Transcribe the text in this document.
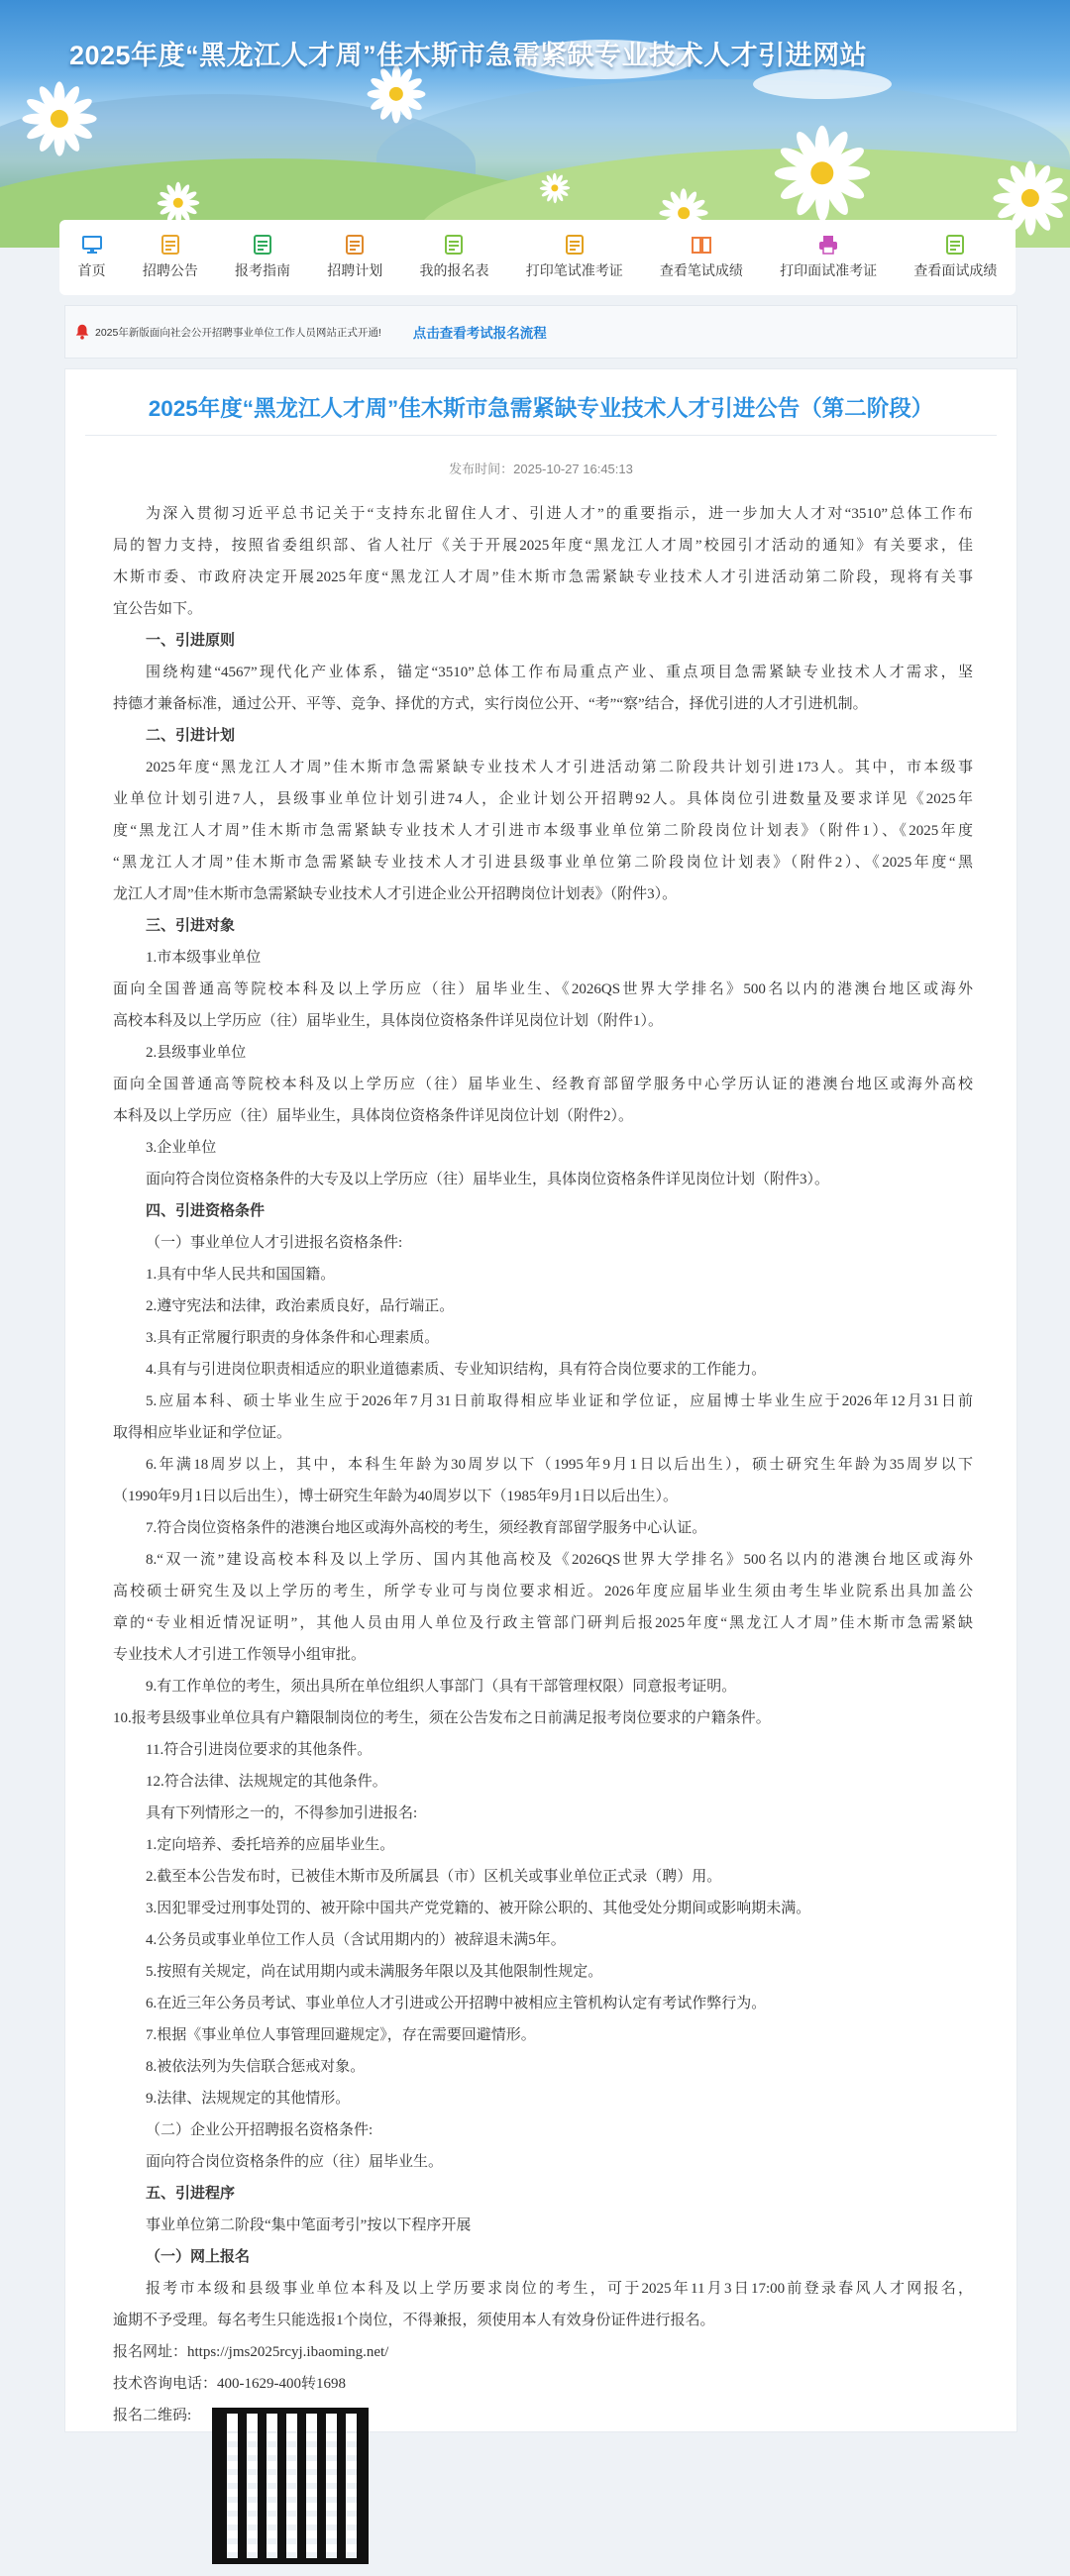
2025年度“黑龙江人才周”佳木斯市急需紧缺专业技术人才引进网站
首页	招聘公告	报考指南	招聘计划	我的报名表	打印笔试准考证	查看笔试成绩	打印面试准考证	查看面试成绩
2025年新版面向社会公开招聘事业单位工作人员网站正式开通! 点击查看考试报名流程
2025年度“黑龙江人才周”佳木斯市急需紧缺专业技术人才引进公告（第二阶段）
发布时间：2025-10-27 16:45:13
为深入贯彻习近平总书记关于“支持东北留住人才、引进人才”的重要指示，进一步加大人才对“3510”总体工作布
局的智力支持，按照省委组织部、省人社厅《关于开展2025年度“黑龙江人才周”校园引才活动的通知》有关要求，佳
木斯市委、市政府决定开展2025年度“黑龙江人才周”佳木斯市急需紧缺专业技术人才引进活动第二阶段，现将有关事
宜公告如下。
一、引进原则
围绕构建“4567”现代化产业体系，锚定“3510”总体工作布局重点产业、重点项目急需紧缺专业技术人才需求，坚
持德才兼备标准，通过公开、平等、竞争、择优的方式，实行岗位公开、“考”“察”结合，择优引进的人才引进机制。
二、引进计划
2025年度“黑龙江人才周”佳木斯市急需紧缺专业技术人才引进活动第二阶段共计划引进173人。其中，市本级事
业单位计划引进7人，县级事业单位计划引进74人，企业计划公开招聘92人。具体岗位引进数量及要求详见《2025年
度“黑龙江人才周”佳木斯市急需紧缺专业技术人才引进市本级事业单位第二阶段岗位计划表》（附件1）、《2025年度
“黑龙江人才周”佳木斯市急需紧缺专业技术人才引进县级事业单位第二阶段岗位计划表》（附件2）、《2025年度“黑
龙江人才周”佳木斯市急需紧缺专业技术人才引进企业公开招聘岗位计划表》（附件3）。
三、引进对象
1.市本级事业单位
面向全国普通高等院校本科及以上学历应（往）届毕业生、《2026QS世界大学排名》500名以内的港澳台地区或海外
高校本科及以上学历应（往）届毕业生，具体岗位资格条件详见岗位计划（附件1）。
2.县级事业单位
面向全国普通高等院校本科及以上学历应（往）届毕业生、经教育部留学服务中心学历认证的港澳台地区或海外高校
本科及以上学历应（往）届毕业生，具体岗位资格条件详见岗位计划（附件2）。
3.企业单位
面向符合岗位资格条件的大专及以上学历应（往）届毕业生，具体岗位资格条件详见岗位计划（附件3）。
四、引进资格条件
（一）事业单位人才引进报名资格条件:
1.具有中华人民共和国国籍。
2.遵守宪法和法律，政治素质良好，品行端正。
3.具有正常履行职责的身体条件和心理素质。
4.具有与引进岗位职责相适应的职业道德素质、专业知识结构，具有符合岗位要求的工作能力。
5.应届本科、硕士毕业生应于2026年7月31日前取得相应毕业证和学位证，应届博士毕业生应于2026年12月31日前
取得相应毕业证和学位证。
6.年满18周岁以上，其中，本科生年龄为30周岁以下（1995年9月1日以后出生），硕士研究生年龄为35周岁以下
（1990年9月1日以后出生），博士研究生年龄为40周岁以下（1985年9月1日以后出生）。
7.符合岗位资格条件的港澳台地区或海外高校的考生，须经教育部留学服务中心认证。
8.“双一流”建设高校本科及以上学历、国内其他高校及《2026QS世界大学排名》500名以内的港澳台地区或海外
高校硕士研究生及以上学历的考生，所学专业可与岗位要求相近。2026年度应届毕业生须由考生毕业院系出具加盖公
章的“专业相近情况证明”，其他人员由用人单位及行政主管部门研判后报2025年度“黑龙江人才周”佳木斯市急需紧缺
专业技术人才引进工作领导小组审批。
9.有工作单位的考生，须出具所在单位组织人事部门（具有干部管理权限）同意报考证明。
10.报考县级事业单位具有户籍限制岗位的考生，须在公告发布之日前满足报考岗位要求的户籍条件。
11.符合引进岗位要求的其他条件。
12.符合法律、法规规定的其他条件。
具有下列情形之一的，不得参加引进报名:
1.定向培养、委托培养的应届毕业生。
2.截至本公告发布时，已被佳木斯市及所属县（市）区机关或事业单位正式录（聘）用。
3.因犯罪受过刑事处罚的、被开除中国共产党党籍的、被开除公职的、其他受处分期间或影响期未满。
4.公务员或事业单位工作人员（含试用期内的）被辞退未满5年。
5.按照有关规定，尚在试用期内或未满服务年限以及其他限制性规定。
6.在近三年公务员考试、事业单位人才引进或公开招聘中被相应主管机构认定有考试作弊行为。
7.根据《事业单位人事管理回避规定》，存在需要回避情形。
8.被依法列为失信联合惩戒对象。
9.法律、法规规定的其他情形。
（二）企业公开招聘报名资格条件:
面向符合岗位资格条件的应（往）届毕业生。
五、引进程序
事业单位第二阶段“集中笔面考引”按以下程序开展
（一）网上报名
报考市本级和县级事业单位本科及以上学历要求岗位的考生，可于2025年11月3日17:00前登录春风人才网报名，
逾期不予受理。每名考生只能选报1个岗位，不得兼报，须使用本人有效身份证件进行报名。
报名网址：https://jms2025rcyj.ibaoming.net/
技术咨询电话：400-1629-400转1698
报名二维码:
